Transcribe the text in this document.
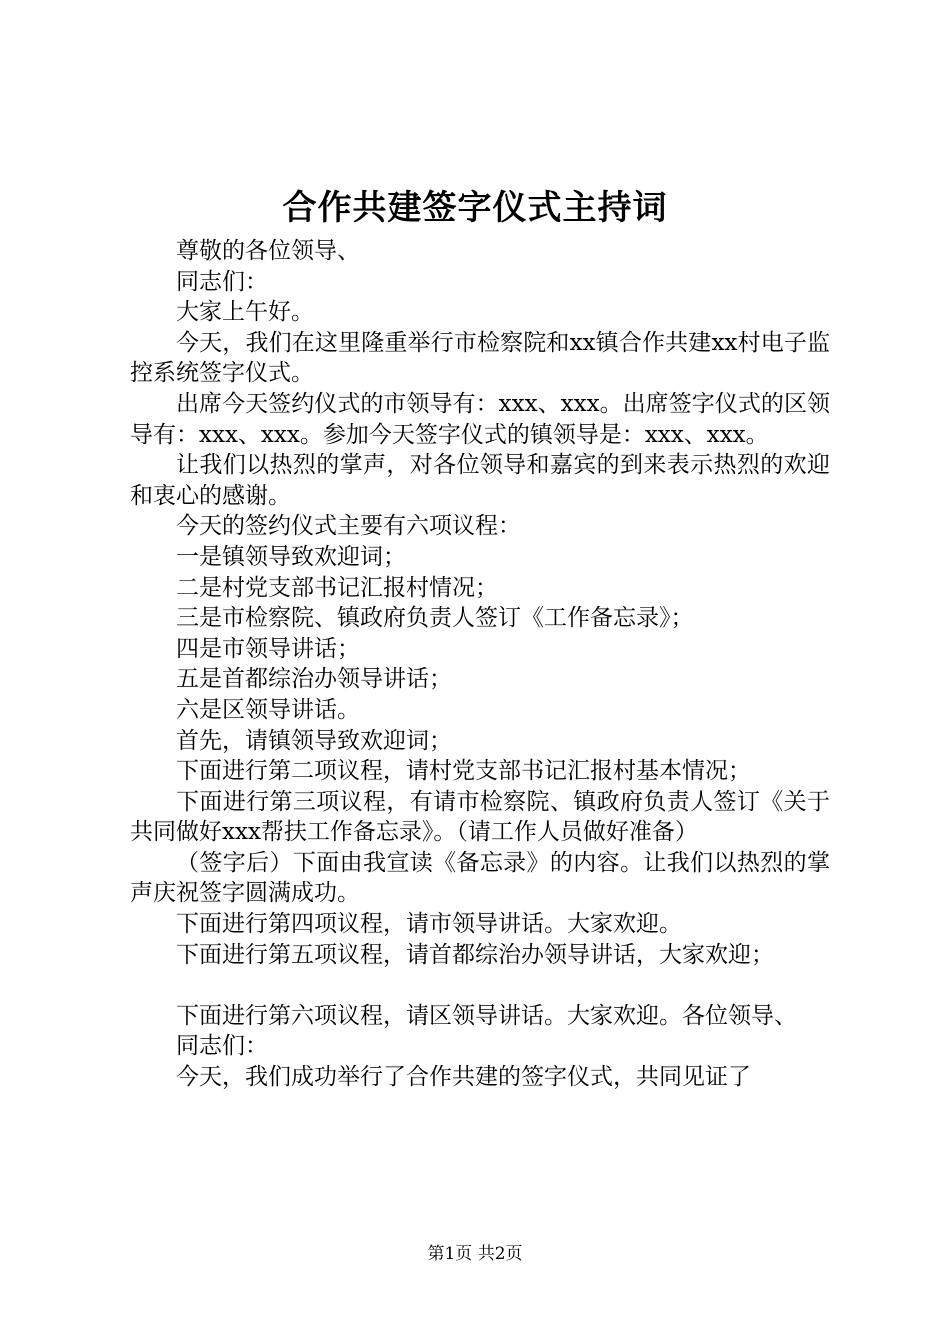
合作共建签字仪式主持词

尊敬的各位领导、

同志们：

大家上午好。

今天，我们在这里隆重举行市检察院和xx镇合作共建xx村电子监控系统签字仪式。

出席今天签约仪式的市领导有：xxx、xxx。出席签字仪式的区领导有：xxx、xxx。参加今天签字仪式的镇领导是：xxx、xxx。

让我们以热烈的掌声，对各位领导和嘉宾的到来表示热烈的欢迎和衷心的感谢。

今天的签约仪式主要有六项议程：

一是镇领导致欢迎词；

二是村党支部书记汇报村情况；

三是市检察院、镇政府负责人签订《工作备忘录》；

四是市领导讲话；

五是首都综治办领导讲话；

六是区领导讲话。

首先，请镇领导致欢迎词；

下面进行第二项议程，请村党支部书记汇报村基本情况；

下面进行第三项议程，有请市检察院、镇政府负责人签订《关于共同做好xxx帮扶工作备忘录》。（请工作人员做好准备）

（签字后）下面由我宣读《备忘录》的内容。让我们以热烈的掌声庆祝签字圆满成功。

下面进行第四项议程，请市领导讲话。大家欢迎。

下面进行第五项议程，请首都综治办领导讲话，大家欢迎；

下面进行第六项议程，请区领导讲话。大家欢迎。各位领导、

同志们：

今天，我们成功举行了合作共建的签字仪式，共同见证了

第1页 共2页
